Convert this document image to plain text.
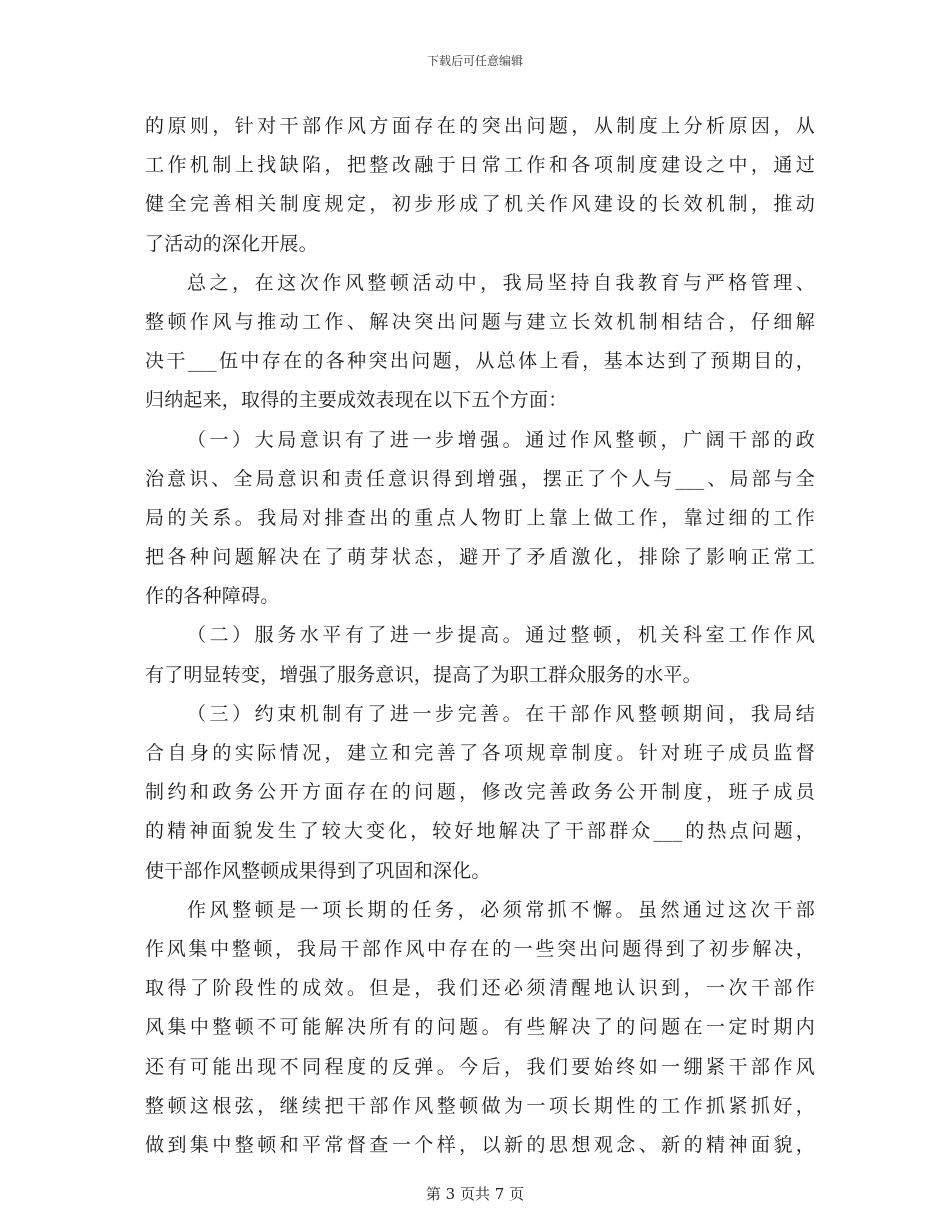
下载后可任意编辑
的原则，针对干部作风方面存在的突出问题，从制度上分析原因，从
工作机制上找缺陷，把整改融于日常工作和各项制度建设之中，通过
健全完善相关制度规定，初步形成了机关作风建设的长效机制，推动
了活动的深化开展。
总之，在这次作风整顿活动中，我局坚持自我教育与严格管理、
整顿作风与推动工作、解决突出问题与建立长效机制相结合，仔细解
决干___伍中存在的各种突出问题，从总体上看，基本达到了预期目的，
归纳起来，取得的主要成效表现在以下五个方面：
（一）大局意识有了进一步增强。通过作风整顿，广阔干部的政
治意识、全局意识和责任意识得到增强，摆正了个人与___、局部与全
局的关系。我局对排查出的重点人物盯上靠上做工作，靠过细的工作
把各种问题解决在了萌芽状态，避开了矛盾激化，排除了影响正常工
作的各种障碍。
（二）服务水平有了进一步提高。通过整顿，机关科室工作作风
有了明显转变，增强了服务意识，提高了为职工群众服务的水平。
（三）约束机制有了进一步完善。在干部作风整顿期间，我局结
合自身的实际情况，建立和完善了各项规章制度。针对班子成员监督
制约和政务公开方面存在的问题，修改完善政务公开制度，班子成员
的精神面貌发生了较大变化，较好地解决了干部群众___的热点问题，
使干部作风整顿成果得到了巩固和深化。
作风整顿是一项长期的任务，必须常抓不懈。虽然通过这次干部
作风集中整顿，我局干部作风中存在的一些突出问题得到了初步解决，
取得了阶段性的成效。但是，我们还必须清醒地认识到，一次干部作
风集中整顿不可能解决所有的问题。有些解决了的问题在一定时期内
还有可能出现不同程度的反弹。今后，我们要始终如一绷紧干部作风
整顿这根弦，继续把干部作风整顿做为一项长期性的工作抓紧抓好，
做到集中整顿和平常督查一个样，以新的思想观念、新的精神面貌，
第 3 页共 7 页
